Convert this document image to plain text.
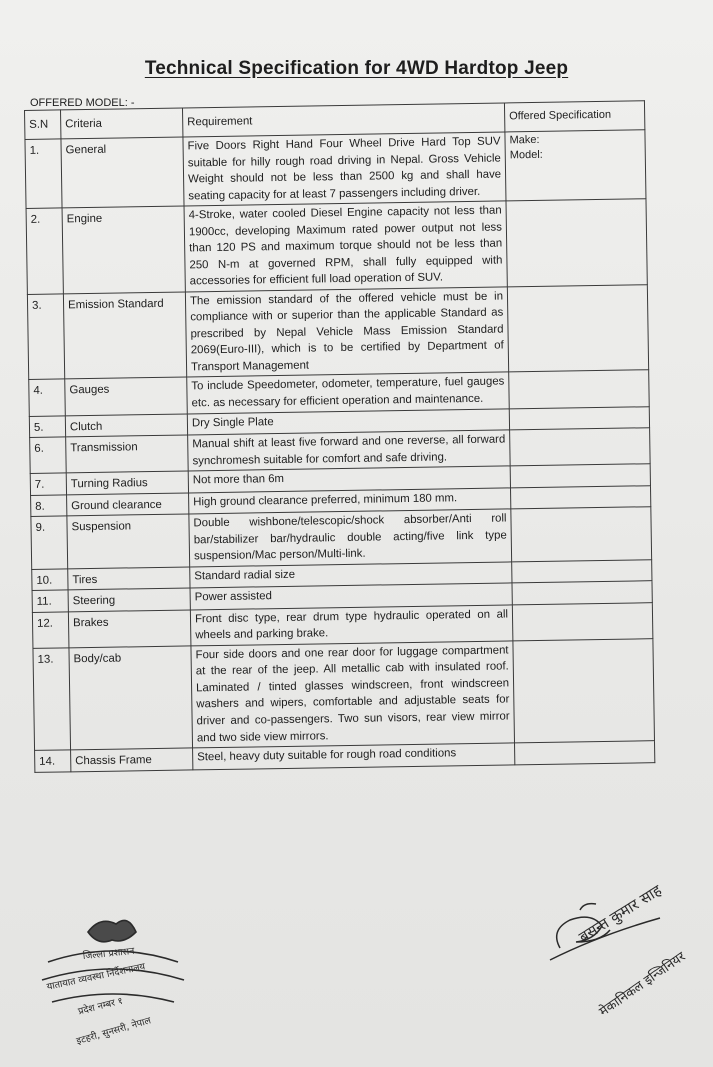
Technical Specification for 4WD Hardtop Jeep
OFFERED MODEL: -
S.N	Criteria	Requirement	Offered Specification
1.	General	Five Doors Right Hand Four Wheel Drive Hard Top SUV suitable for hilly rough road driving in Nepal. Gross Vehicle Weight should not be less than 2500 kg and shall have seating capacity for at least 7 passengers including driver.	Make:
Model:

2.	Engine	4-Stroke, water cooled Diesel Engine capacity not less than 1900cc, developing Maximum rated power output not less than 120 PS and maximum torque should not be less than 250 N-m at governed RPM, shall fully equipped with accessories for efficient full load operation of SUV.	
3.	Emission Standard	The emission standard of the offered vehicle must be in compliance with or superior than the applicable Standard as prescribed by Nepal Vehicle Mass Emission Standard 2069(Euro-III), which is to be certified by Department of Transport Management	
4.	Gauges	To include Speedometer, odometer, temperature, fuel gauges etc. as necessary for efficient operation and maintenance.	
5.	Clutch	Dry Single Plate	
6.	Transmission	Manual shift at least five forward and one reverse, all forward synchromesh suitable for comfort and safe driving.	
7.	Turning Radius	Not more than 6m	
8.	Ground clearance	High ground clearance preferred, minimum 180 mm.	
9.	Suspension	Double wishbone/telescopic/shock absorber/Anti roll bar/stabilizer bar/hydraulic double acting/five link type suspension/Mac person/Multi-link.	
10.	Tires	Standard radial size	
11.	Steering	Power assisted	
12.	Brakes	Front disc type, rear drum type hydraulic operated on all wheels and parking brake.	
13.	Body/cab	Four side doors and one rear door for luggage compartment at the rear of the jeep. All metallic cab with insulated roof. Laminated / tinted glasses windscreen, front windscreen washers and wipers, comfortable and adjustable seats for driver and co-passengers. Two sun visors, rear view mirror and two side view mirrors.	
14.	Chassis Frame	Steel, heavy duty suitable for rough road conditions	
जिल्ला प्रशासन
यातायात व्यवस्था निर्देशनालय
प्रदेश नम्बर १
इटहरी, सुनसरी, नेपाल
बसन्त कुमार साह
मेकानिकल इन्जिनियर
